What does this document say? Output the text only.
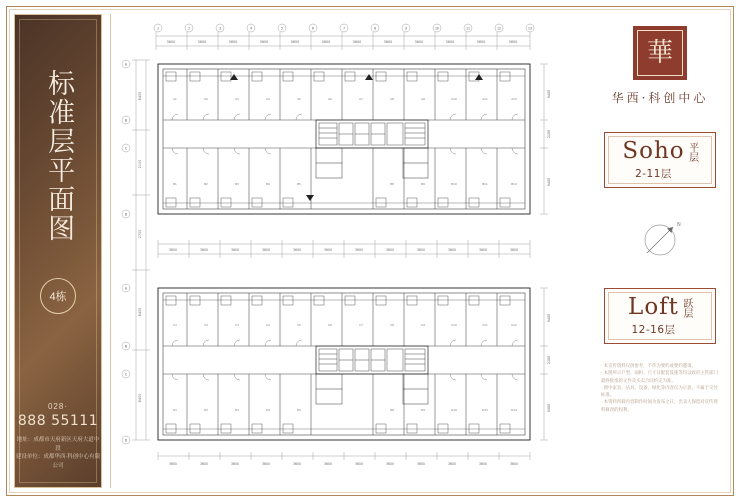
标准层平面图
4栋
028·
888 55111
地址：成都市天府新区天府大道中段
建设单位：成都华西·科创中心有限公司
3600	3600	3600	3600	3600	3600	3600	3600	3600	3600	3600	3600
8400
2100
2700
8400
8400
3600	3600	3600	3600	3600	3600	3600	3600	3600	3600	3600	3600
3600	3600	3600	3600	3600	3600	3600	3600	3600	3600	3600	3600
8400
2100
8400
8400
2100
8400
1	2	3	4	5	6	7	8	9	10	11	12	13
A
B
C
D
A
B
C
D
A1	A2	A3	A4	A5	A6	A7	A8	A9	A10	A11	A12
B1	B2	B3	B4	B5	B8	B9	B10	B11	B12
C1	C2	C3	C4	C5	C6	C7	C8	C9	C10	C11	C12
D1	D2	D3	D4	D5	D8	D9	D10	D11	D12
華
华西·科创中心
Soho
2-11层
平层
N
Loft
12-16层
跃层
· 本宣传资料仅供参考，不作为要约或要约邀请。
· 本图所示户型、面积、尺寸及配套设施等均以政府主管部门最终批准的文件及买卖合同约定为准。
· 图中家具、洁具、设备、绿化等内容仅为示意，不属于交付标准。
· 本资料所载内容制作时间为发布之日，出卖人保留对宣传资料修改的权利。
